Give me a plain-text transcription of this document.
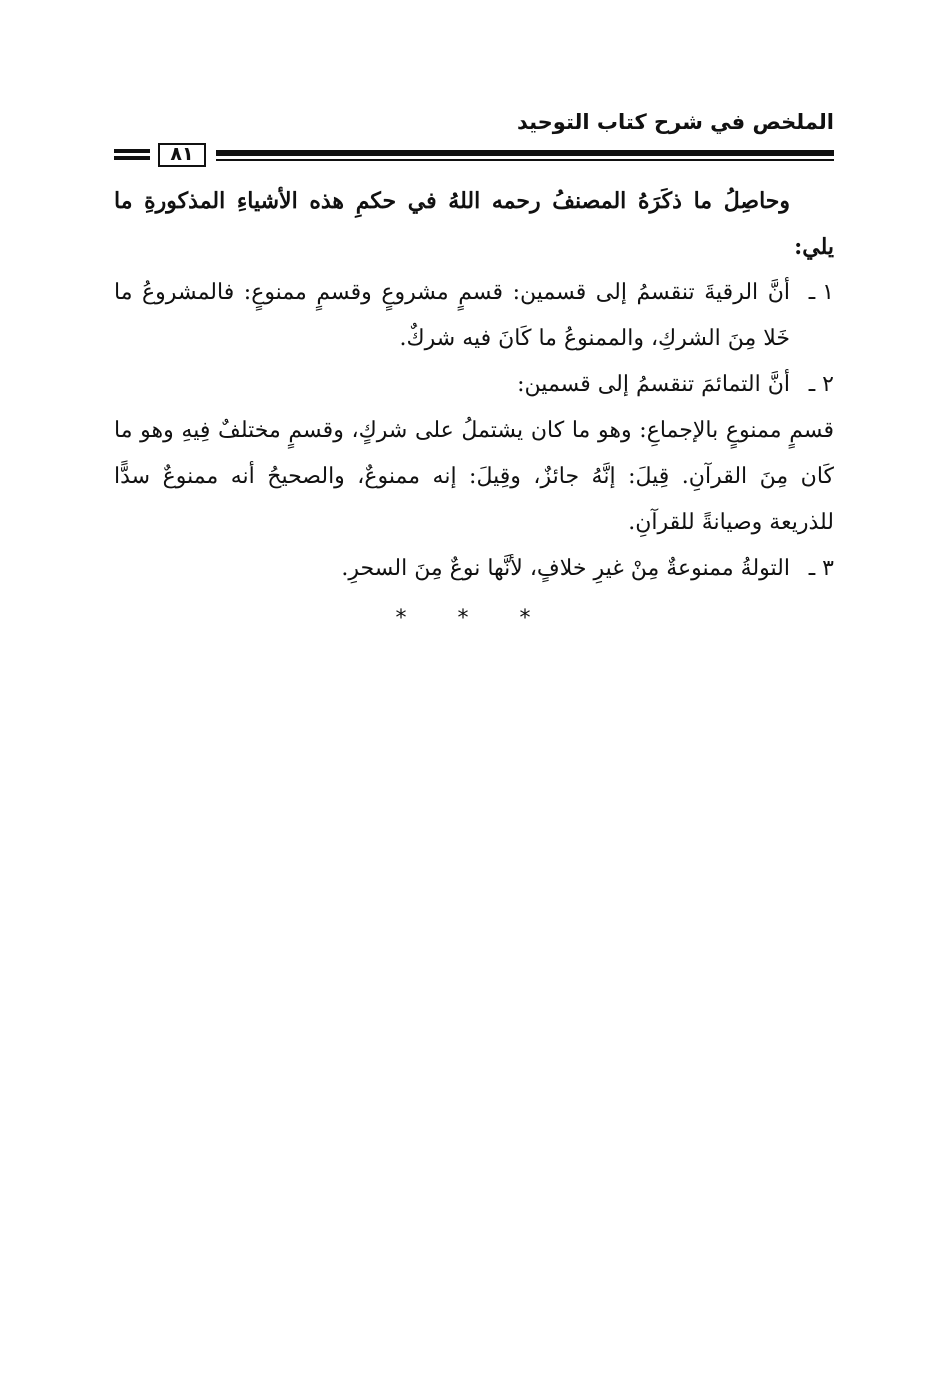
الملخص في شرح كتاب التوحيد
٨١

وحاصِلُ ما ذكَرَهُ المصنفُ رحمه اللهُ في حكمِ هذه الأشياءِ المذكورةِ ما يلي:

١ ـ
أنَّ الرقيةَ تنقسمُ إلى قسمين: قسمٍ مشروعٍ وقسمٍ ممنوعٍ: فالمشروعُ ما خَلا مِنَ الشركِ، والممنوعُ ما كَانَ فيه شركٌ.
٢ ـ
أنَّ التمائمَ تنقسمُ إلى قسمين:

قسمٍ ممنوعٍ بالإجماعِ: وهو ما كان يشتملُ على شركٍ، وقسمٍ مختلفٌ فِيهِ وهو ما كَان مِنَ القرآنِ. قِيلَ: إنَّهُ جائزٌ، وقِيلَ: إنه ممنوعٌ، والصحيحُ أنه ممنوعٌ سدًّا للذريعة وصيانةً للقرآنِ.

٣ ـ
التولةُ ممنوعةٌ مِنْ غيرِ خلافٍ، لأنَّها نوعٌ مِنَ السحرِ.
* * *
